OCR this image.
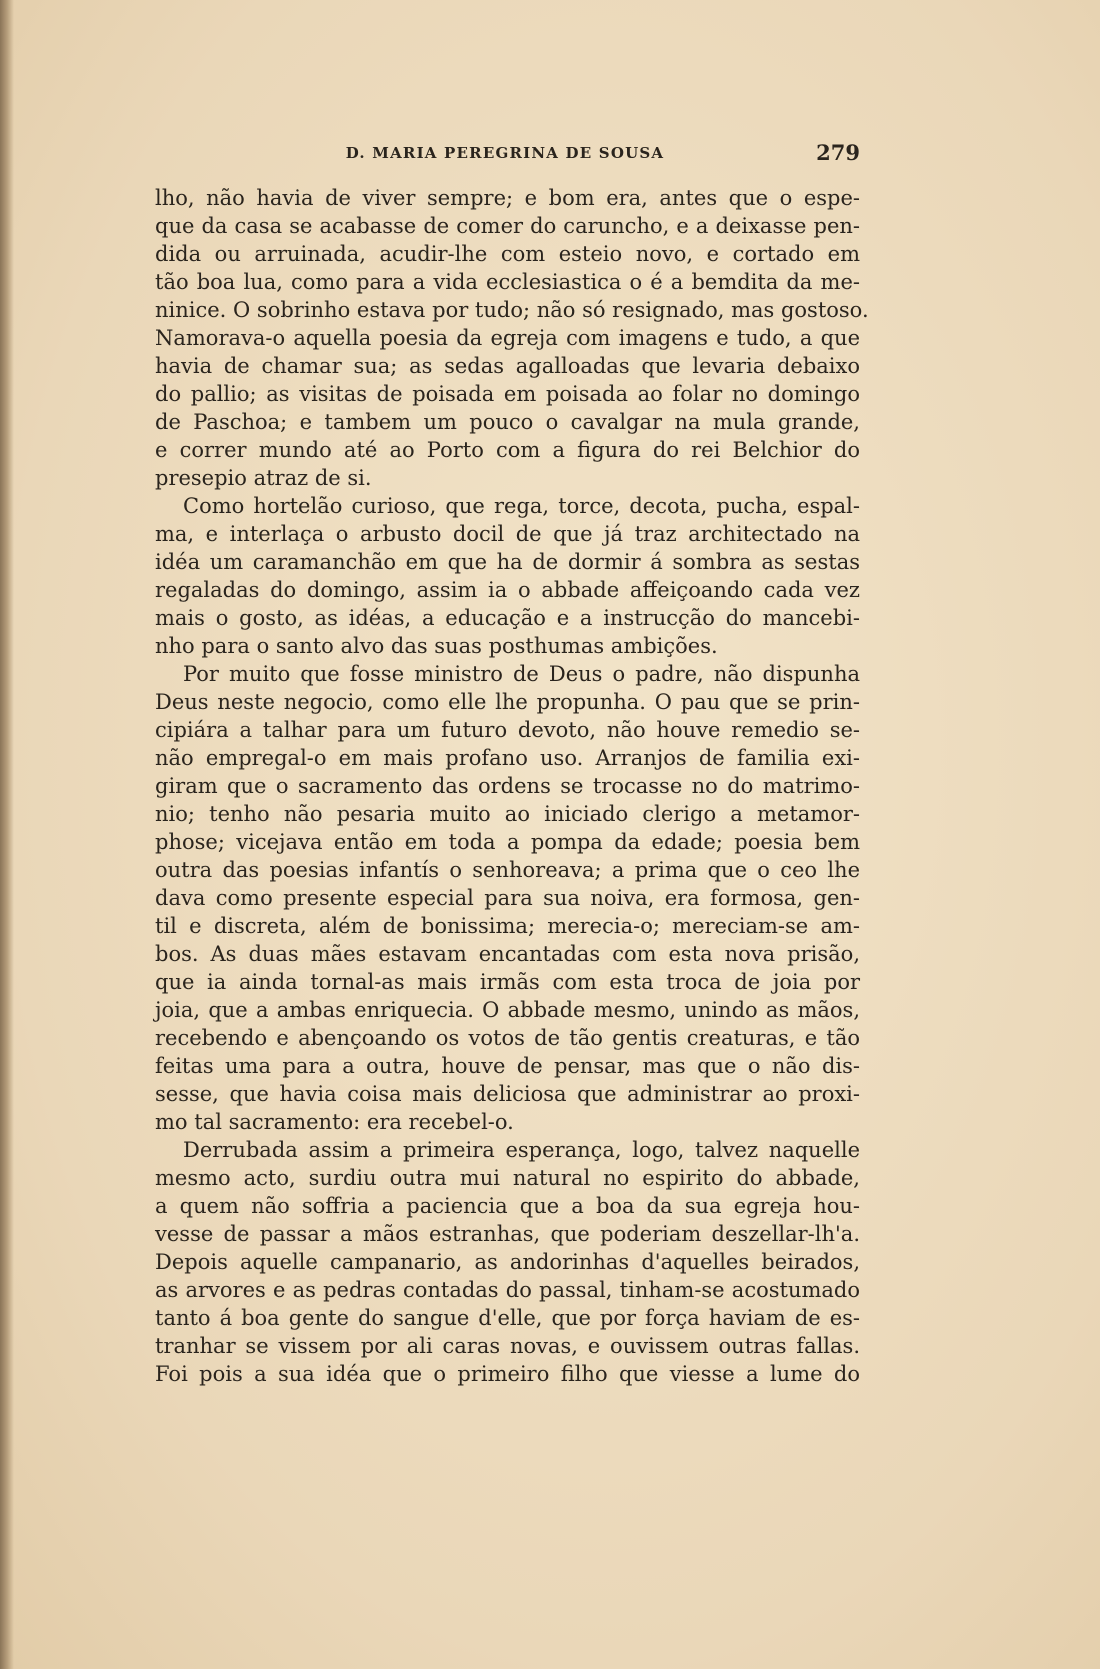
D. MARIA PEREGRINA DE SOUSA	279
lho, não havia de viver sempre; e bom era, antes que o espe-
que da casa se acabasse de comer do caruncho, e a deixasse pen-
dida ou arruinada, acudir-lhe com esteio novo, e cortado em
tão boa lua, como para a vida ecclesiastica o é a bemdita da me-
ninice. O sobrinho estava por tudo; não só resignado, mas gostoso.
Namorava-o aquella poesia da egreja com imagens e tudo, a que
havia de chamar sua; as sedas agalloadas que levaria debaixo
do pallio; as visitas de poisada em poisada ao folar no domingo
de Paschoa; e tambem um pouco o cavalgar na mula grande,
e correr mundo até ao Porto com a figura do rei Belchior do
presepio atraz de si.
Como hortelão curioso, que rega, torce, decota, pucha, espal-
ma, e interlaça o arbusto docil de que já traz architectado na
idéa um caramanchão em que ha de dormir á sombra as sestas
regaladas do domingo, assim ia o abbade affeiçoando cada vez
mais o gosto, as idéas, a educação e a instrucção do mancebi-
nho para o santo alvo das suas posthumas ambições.
Por muito que fosse ministro de Deus o padre, não dispunha
Deus neste negocio, como elle lhe propunha. O pau que se prin-
cipiára a talhar para um futuro devoto, não houve remedio se-
não empregal-o em mais profano uso. Arranjos de familia exi-
giram que o sacramento das ordens se trocasse no do matrimo-
nio; tenho não pesaria muito ao iniciado clerigo a metamor-
phose; vicejava então em toda a pompa da edade; poesia bem
outra das poesias infantís o senhoreava; a prima que o ceo lhe
dava como presente especial para sua noiva, era formosa, gen-
til e discreta, além de bonissima; merecia-o; mereciam-se am-
bos. As duas mães estavam encantadas com esta nova prisão,
que ia ainda tornal-as mais irmãs com esta troca de joia por
joia, que a ambas enriquecia. O abbade mesmo, unindo as mãos,
recebendo e abençoando os votos de tão gentis creaturas, e tão
feitas uma para a outra, houve de pensar, mas que o não dis-
sesse, que havia coisa mais deliciosa que administrar ao proxi-
mo tal sacramento: era recebel-o.
Derrubada assim a primeira esperança, logo, talvez naquelle
mesmo acto, surdiu outra mui natural no espirito do abbade,
a quem não soffria a paciencia que a boa da sua egreja hou-
vesse de passar a mãos estranhas, que poderiam deszellar-lh'a.
Depois aquelle campanario, as andorinhas d'aquelles beirados,
as arvores e as pedras contadas do passal, tinham-se acostumado
tanto á boa gente do sangue d'elle, que por força haviam de es-
tranhar se vissem por ali caras novas, e ouvissem outras fallas.
Foi pois a sua idéa que o primeiro filho que viesse a lume do
